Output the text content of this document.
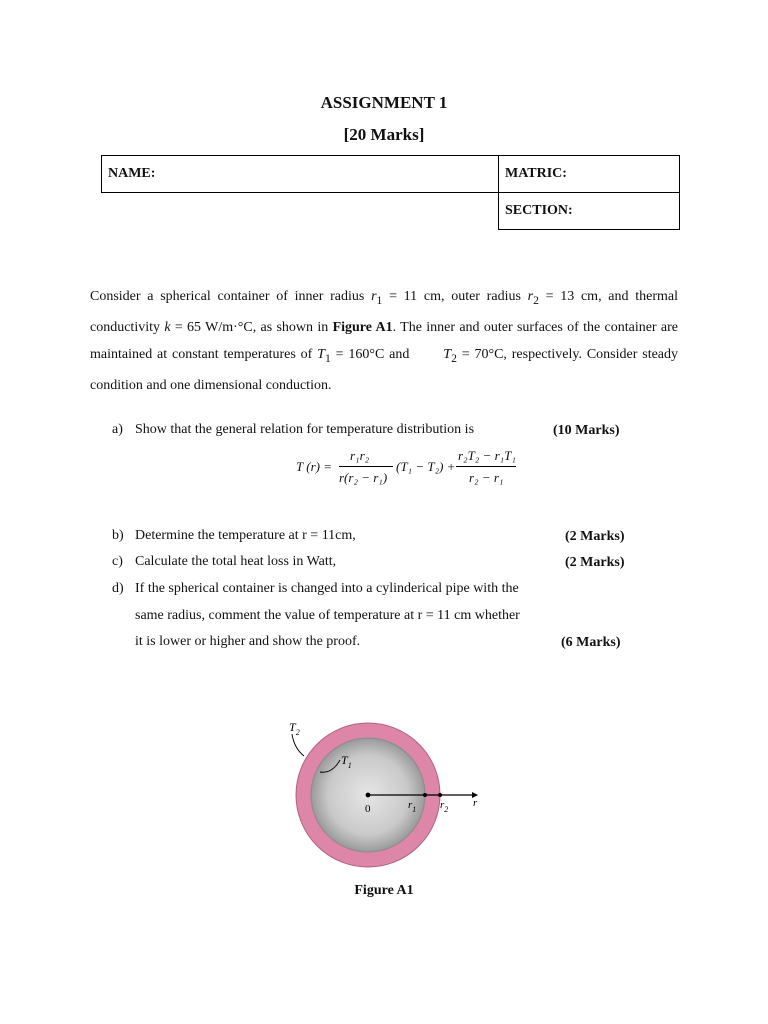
ASSIGNMENT 1
[20 Marks]
NAME:	MATRIC:
	SECTION:
Consider a spherical container of inner radius $r_1 = 11$ cm, outer radius $r_2 = 13$ cm, and thermal conductivity k = 65 W/m·°C, as shown in Figure A1. The inner and outer surfaces of the container are maintained at constant temperatures of $T_1 = 160^\circ C$ and       $T_2 = 70^\circ C$, respectively. Consider steady condition and one dimensional conduction.
a) Show that the general relation for temperature distribution is	(10 Marks)
T (r) =
r₁r₂
r(r₂ − r₁)
(T₁ − T₂) +
r₂T₂ − r₁T₁
r₂ − r₁
b) Determine the temperature at r = 11cm,	(2 Marks)
c) Calculate the total heat loss in Watt,	(2 Marks)
d) If the spherical container is changed into a cylinderical pipe with the
same radius, comment the value of temperature at r = 11 cm whether
it is lower or higher and show the proof.	(6 Marks)
$T_2$
$T_1$
0	$r_1$ $r_2$
r
Figure A1
